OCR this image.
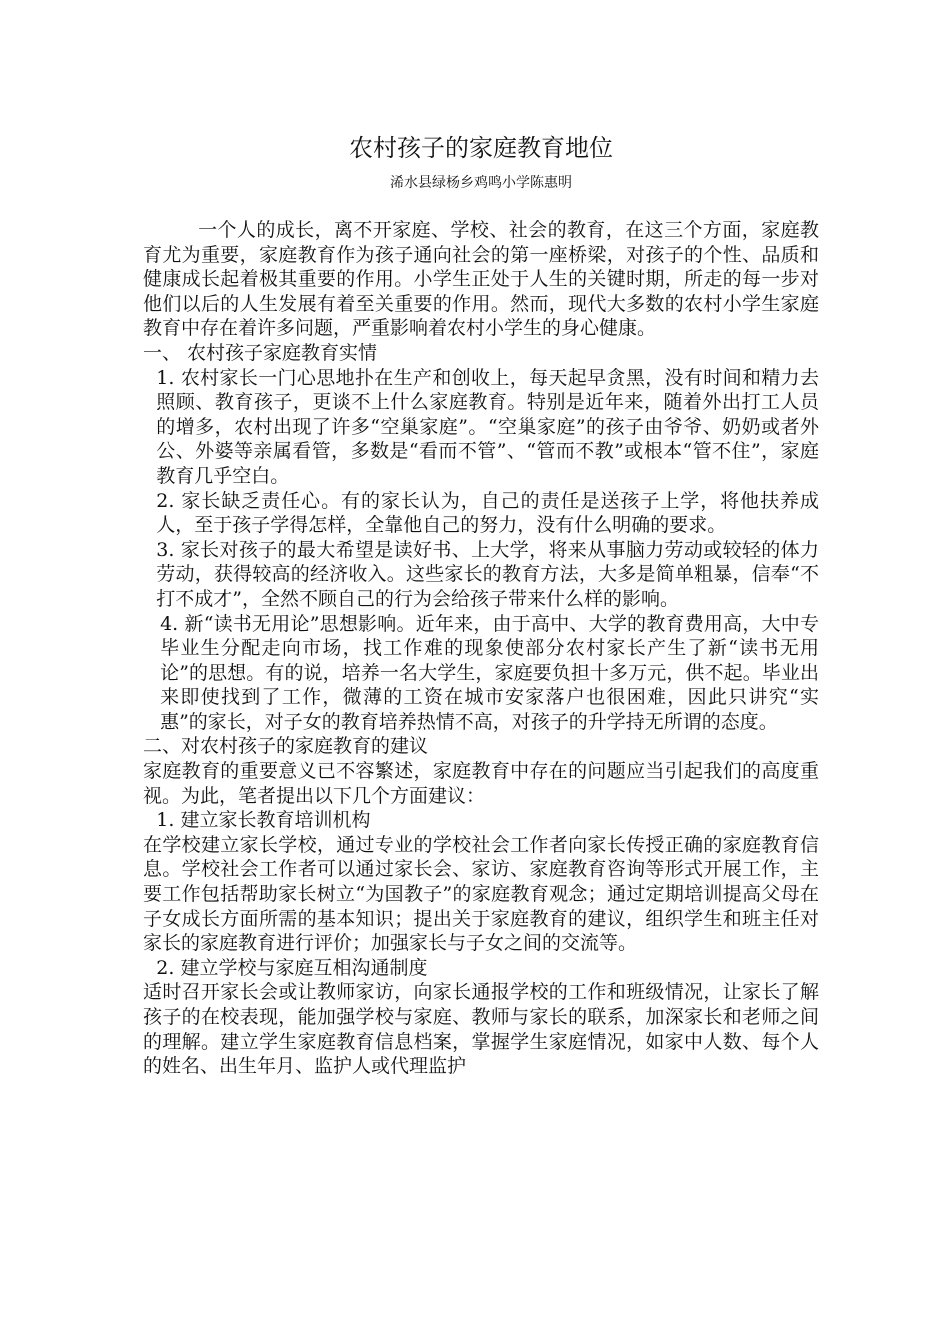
农村孩子的家庭教育地位
浠水县绿杨乡鸡鸣小学陈惠明

一个人的成长，离不开家庭、学校、社会的教育，在这三个方面，家庭教育尤为重要，家庭教育作为孩子通向社会的第一座桥梁，对孩子的个性、品质和健康成长起着极其重要的作用。小学生正处于人生的关键时期，所走的每一步对他们以后的人生发展有着至关重要的作用。然而，现代大多数的农村小学生家庭教育中存在着许多问题，严重影响着农村小学生的身心健康。

一、 农村孩子家庭教育实情

1. 农村家长一门心思地扑在生产和创收上，每天起早贪黑，没有时间和精力去照顾、教育孩子，更谈不上什么家庭教育。特别是近年来，随着外出打工人员的增多，农村出现了许多“空巢家庭”。“空巢家庭”的孩子由爷爷、奶奶或者外公、外婆等亲属看管，多数是“看而不管”、“管而不教”或根本“管不住”，家庭教育几乎空白。

2. 家长缺乏责任心。有的家长认为，自己的责任是送孩子上学，将他扶养成人，至于孩子学得怎样，全靠他自己的努力，没有什么明确的要求。

3. 家长对孩子的最大希望是读好书、上大学，将来从事脑力劳动或较轻的体力劳动，获得较高的经济收入。这些家长的教育方法，大多是简单粗暴，信奉“不打不成才”，全然不顾自己的行为会给孩子带来什么样的影响。

4. 新“读书无用论”思想影响。近年来，由于高中、大学的教育费用高，大中专毕业生分配走向市场，找工作难的现象使部分农村家长产生了新“读书无用论”的思想。有的说，培养一名大学生，家庭要负担十多万元，供不起。毕业出来即使找到了工作，微薄的工资在城市安家落户也很困难，因此只讲究“实惠”的家长，对子女的教育培养热情不高，对孩子的升学持无所谓的态度。

二、对农村孩子的家庭教育的建议

家庭教育的重要意义已不容繁述，家庭教育中存在的问题应当引起我们的高度重视。为此，笔者提出以下几个方面建议：

1. 建立家长教育培训机构

在学校建立家长学校，通过专业的学校社会工作者向家长传授正确的家庭教育信息。学校社会工作者可以通过家长会、家访、家庭教育咨询等形式开展工作，主要工作包括帮助家长树立“为国教子”的家庭教育观念；通过定期培训提高父母在子女成长方面所需的基本知识；提出关于家庭教育的建议，组织学生和班主任对家长的家庭教育进行评价；加强家长与子女之间的交流等。

2. 建立学校与家庭互相沟通制度

适时召开家长会或让教师家访，向家长通报学校的工作和班级情况，让家长了解孩子的在校表现，能加强学校与家庭、教师与家长的联系，加深家长和老师之间的理解。建立学生家庭教育信息档案，掌握学生家庭情况，如家中人数、每个人的姓名、出生年月、监护人或代理监护
